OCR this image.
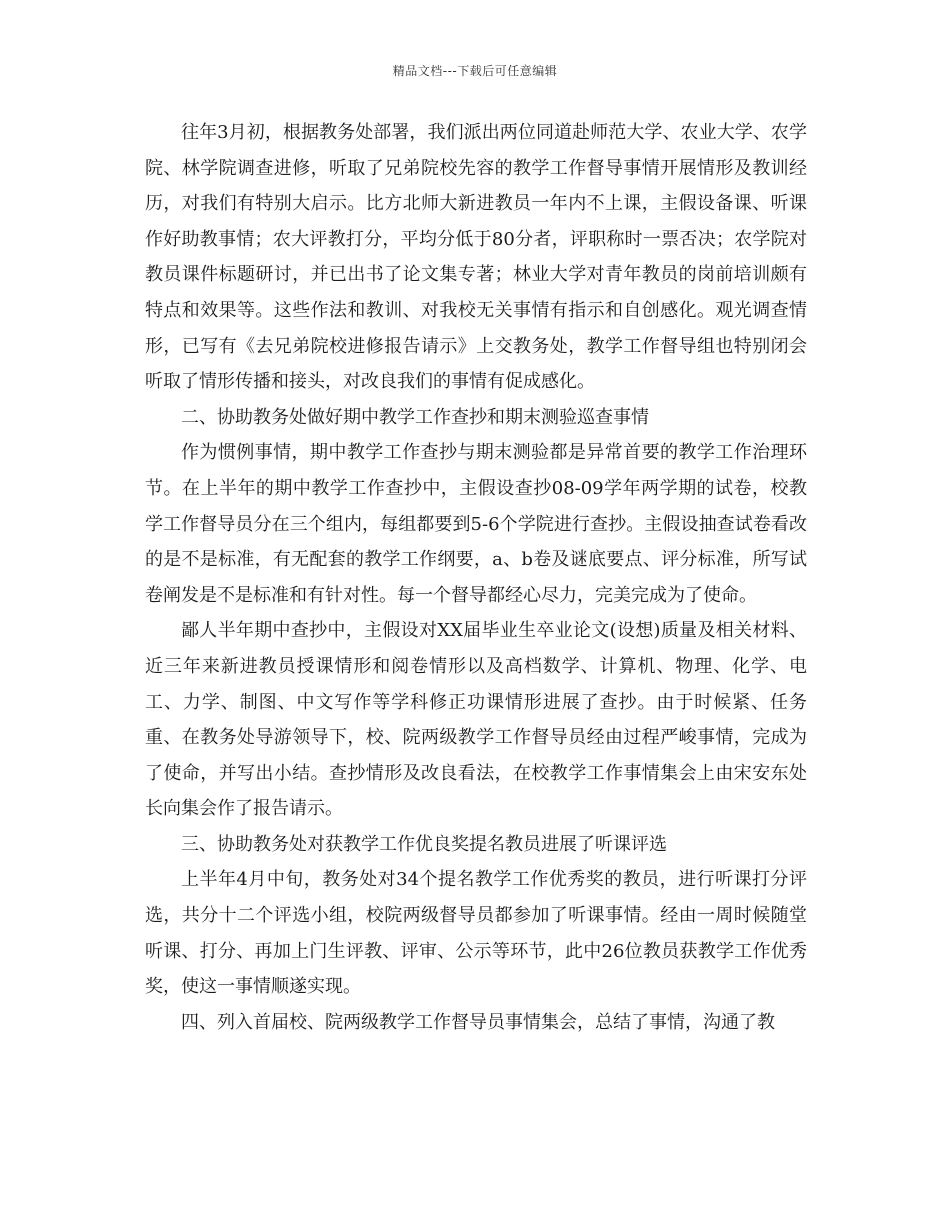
精品文档---下载后可任意编辑

往年3月初，根据教务处部署，我们派出两位同道赴师范大学、农业大学、农学院、林学院调查进修，听取了兄弟院校先容的教学工作督导事情开展情形及教训经历，对我们有特别大启示。比方北师大新进教员一年内不上课，主假设备课、听课作好助教事情；农大评教打分，平均分低于80分者，评职称时一票否决；农学院对教员课件标题研讨，并已出书了论文集专著；林业大学对青年教员的岗前培训颇有特点和效果等。这些作法和教训、对我校无关事情有指示和自创感化。观光调查情形，已写有《去兄弟院校进修报告请示》上交教务处，教学工作督导组也特别闭会听取了情形传播和接头，对改良我们的事情有促成感化。

二、协助教务处做好期中教学工作查抄和期末测验巡查事情

作为惯例事情，期中教学工作查抄与期末测验都是异常首要的教学工作治理环节。在上半年的期中教学工作查抄中，主假设查抄08-09学年两学期的试卷，校教学工作督导员分在三个组内，每组都要到5-6个学院进行查抄。主假设抽查试卷看改的是不是标准，有无配套的教学工作纲要，a、b卷及谜底要点、评分标准，所写试卷阐发是不是标准和有针对性。每一个督导都经心尽力，完美完成为了使命。

鄙人半年期中查抄中，主假设对XX届毕业生卒业论文(设想)质量及相关材料、近三年来新进教员授课情形和阅卷情形以及高档数学、计算机、物理、化学、电工、力学、制图、中文写作等学科修正功课情形进展了查抄。由于时候紧、任务重、在教务处导游领导下，校、院两级教学工作督导员经由过程严峻事情，完成为了使命，并写出小结。查抄情形及改良看法，在校教学工作事情集会上由宋安东处长向集会作了报告请示。

三、协助教务处对获教学工作优良奖提名教员进展了听课评选

上半年4月中旬，教务处对34个提名教学工作优秀奖的教员，进行听课打分评选，共分十二个评选小组，校院两级督导员都参加了听课事情。经由一周时候随堂听课、打分、再加上门生评教、评审、公示等环节，此中26位教员获教学工作优秀奖，使这一事情顺遂实现。

四、列入首届校、院两级教学工作督导员事情集会，总结了事情，沟通了教
